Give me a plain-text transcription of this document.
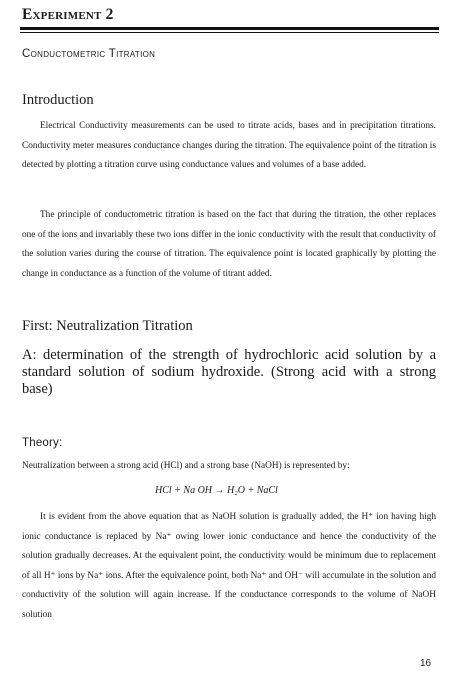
Experiment 2
Conductometric Titration
Introduction
Electrical Conductivity measurements can be used to titrate acids, bases and in precipitation titrations. Conductivity meter measures conductance changes during the titration. The equivalence point of the titration is detected by plotting a titration curve using conductance values and volumes of a base added.
The principle of conductometric titration is based on the fact that during the titration, the other replaces one of the ions and invariably these two ions differ in the ionic conductivity with the result that conductivity of the solution varies during the course of titration. The equivalence point is located graphically by plotting the change in conductance as a function of the volume of titrant added.
First: Neutralization Titration
A: determination of the strength of hydrochloric acid solution by a standard solution of sodium hydroxide. (Strong acid with a strong base)
Theory:
Neutralization between a strong acid (HCl) and a strong base (NaOH) is represented by:
HCl + Na OH → H₂O + NaCl
It is evident from the above equation that as NaOH solution is gradually added, the H⁺ ion having high ionic conductance is replaced by Na⁺ owing lower ionic conductance and hence the conductivity of the solution gradually decreases. At the equivalent point, the conductivity would be minimum due to replacement of all H⁺ ions by Na⁺ ions. After the equivalence point, both Na⁺ and OH⁻ will accumulate in the solution and conductivity of the solution will again increase. If the conductance corresponds to the volume of NaOH solution
16
